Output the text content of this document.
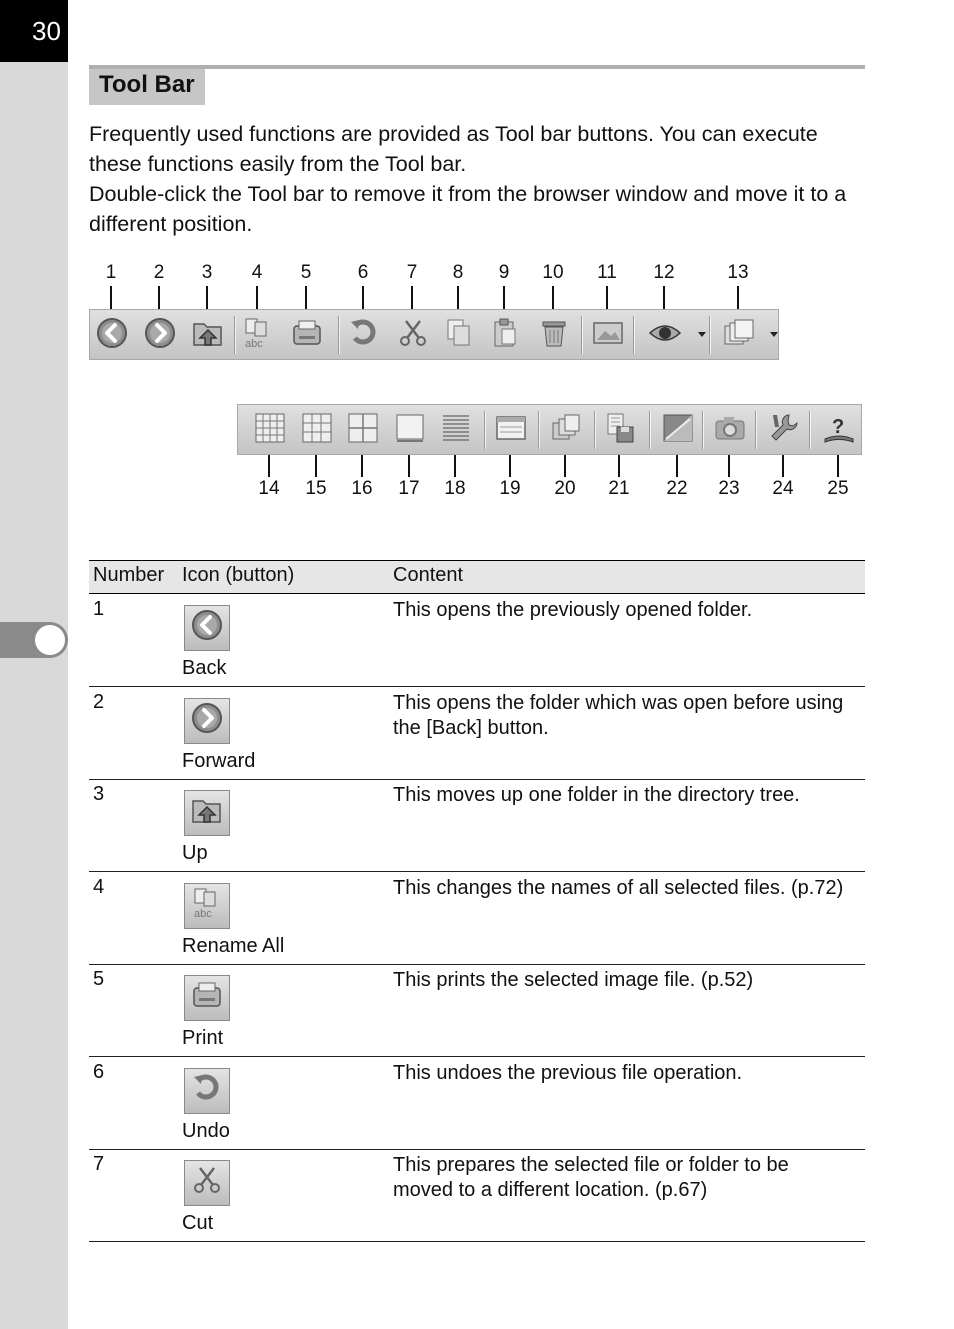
30
Tool Bar

Frequently used functions are provided as Tool bar buttons. You can execute these functions easily from the Tool bar.

Double-click the Tool bar to remove it from the browser window and move it to a different position.

1 2 3 4 5 6 7 8 9 10 11 12	13
14 15 16 17 18 19 20 21 22 23 24 25
abc
?
Number Icon (button)	Content
1
Back
This opens the previously opened folder.
2
Forward
This opens the folder which was open before using the [Back] button.
3
Up
This moves up one folder in the directory tree.
4
abc
Rename All
This changes the names of all selected files. (p.72)
5
Print
This prints the selected image file. (p.52)
6
Undo
This undoes the previous file operation.
7
Cut
This prepares the selected file or folder to be moved to a different location. (p.67)
